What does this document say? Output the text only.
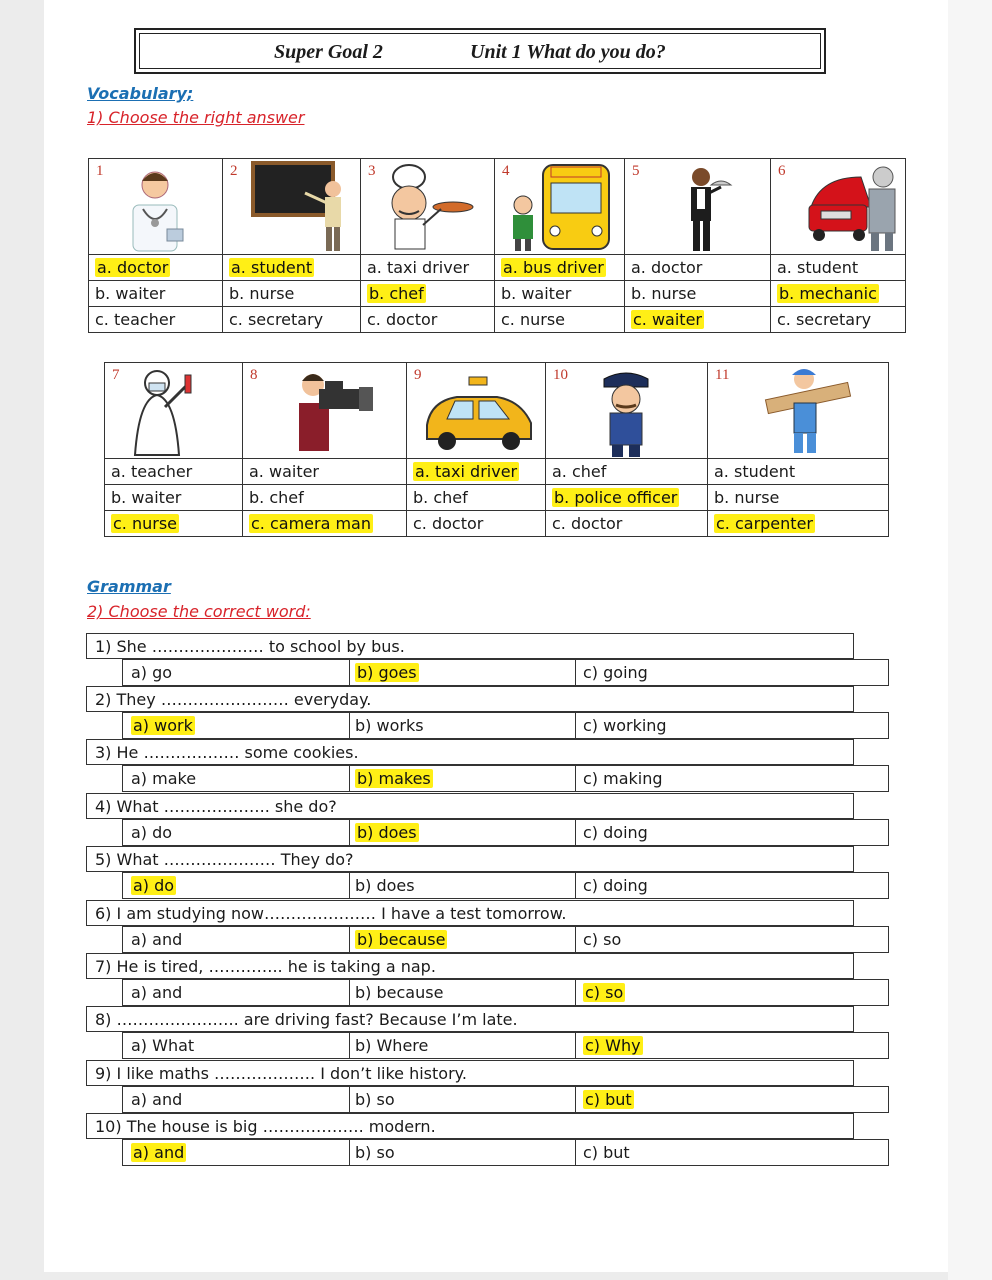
Super Goal 2	Unit 1 What do you do?
Vocabulary;
1) Choose the right answer
1	2	3	4	5	6

a. doctor	a. student	a. taxi driver	a. bus driver	a. doctor	a. student
b. waiter	b. nurse	b. chef	b. waiter	b. nurse	b. mechanic
c. teacher	c. secretary	c. doctor	c. nurse	c. waiter	c. secretary
7	8	9	10	11

a. teacher	a. waiter	a. taxi driver	a. chef	a. student
b. waiter	b. chef	b. chef	b. police officer	b. nurse
c. nurse	c. camera man	c. doctor	c. doctor	c. carpenter
Grammar
2) Choose the correct word:
1) She ………………… to school by bus.
a) go	b) goes	c) going
2) They …………………… everyday.
a) work	b) works	c) working
3) He ……………… some cookies.
a) make	b) makes	c) making
4) What ……………….. she do?
a) do	b) does	c) doing
5) What ………………… They do?
a) do	b) does	c) doing
6) I am studying now………………… I have a test tomorrow.
a) and	b) because	c) so
7) He is tired, ………….. he is taking a nap.
a) and	b) because	c) so
8) ………………….. are driving fast? Because I’m late.
a) What	b) Where	c) Why
9) I like maths ………………. I don’t like history.
a) and	b) so	c) but
10) The house is big ………………. modern.
a) and	b) so	c) but
